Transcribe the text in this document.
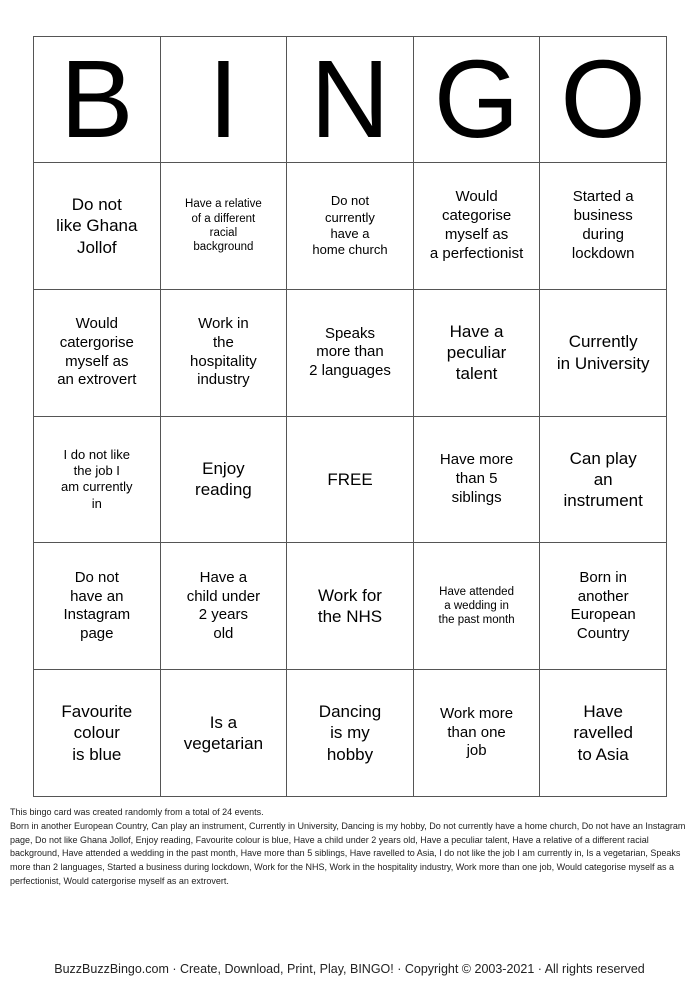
B	I	N	G	O

Do not
like Ghana
Jollof	Have a relative
of a different
racial
background	Do not
currently
have a
home church	Would
categorise
myself as
a perfectionist	Started a
business
during
lockdown

Would
catergorise
myself as
an extrovert	Work in
the
hospitality
industry	Speaks
more than
2 languages	Have a
peculiar
talent	Currently
in University

I do not like
the job I
am currently
in	Enjoy
reading	FREE	Have more
than 5
siblings	Can play
an
instrument

Do not
have an
Instagram
page	Have a
child under
2 years
old	Work for
the NHS	Have attended
a wedding in
the past month	Born in
another
European
Country

Favourite
colour
is blue	Is a
vegetarian	Dancing
is my
hobby	Work more
than one
job	Have
ravelled
to Asia

This bingo card was created randomly from a total of 24 events.

Born in another European Country, Can play an instrument, Currently in University, Dancing is my hobby, Do not currently have a home church, Do not have an Instagram page, Do not like Ghana Jollof, Enjoy reading, Favourite colour is blue, Have a child under 2 years old, Have a peculiar talent, Have a relative of a different racial background, Have attended a wedding in the past month, Have more than 5 siblings, Have ravelled to Asia, I do not like the job I am currently in, Is a vegetarian, Speaks more than 2 languages, Started a business during lockdown, Work for the NHS, Work in the hospitality industry, Work more than one job, Would categorise myself as a perfectionist, Would catergorise myself as an extrovert.

BuzzBuzzBingo.com · Create, Download, Print, Play, BINGO! · Copyright © 2003-2021 · All rights reserved
